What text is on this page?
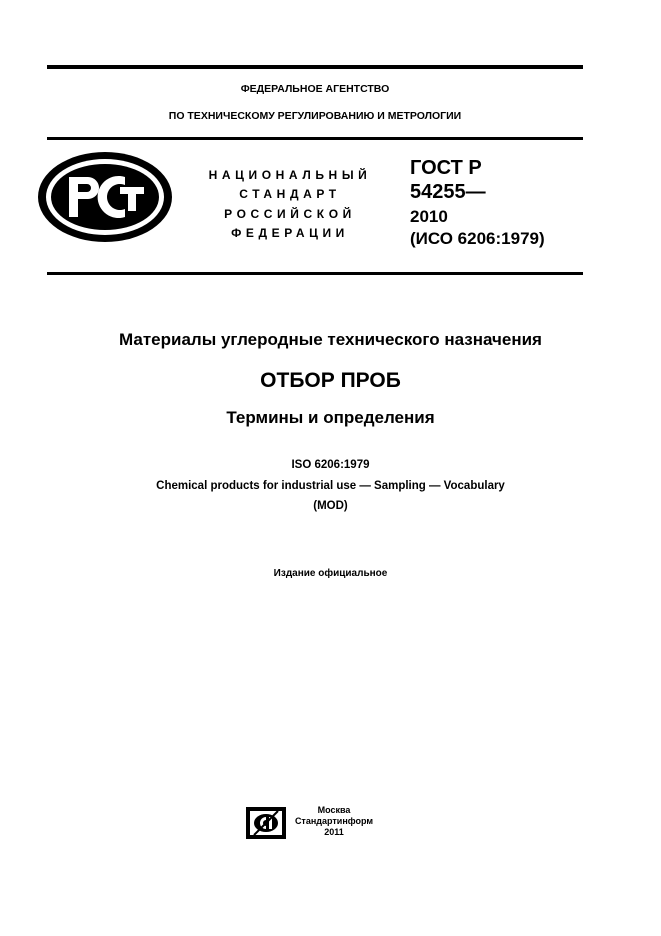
ФЕДЕРАЛЬНОЕ АГЕНТСТВО
ПО ТЕХНИЧЕСКОМУ РЕГУЛИРОВАНИЮ И МЕТРОЛОГИИ
НАЦИОНАЛЬНЫЙ
СТАНДАРТ
РОССИЙСКОЙ
ФЕДЕРАЦИИ
ГОСТ Р 54255—
2010
(ИСО 6206:1979)
Материалы углеродные технического назначения
ОТБОР ПРОБ
Термины и определения
ISO 6206:1979
Chemical products for industrial use — Sampling — Vocabulary
(MOD)
Издание официальное
Москва
Стандартинформ
2011
